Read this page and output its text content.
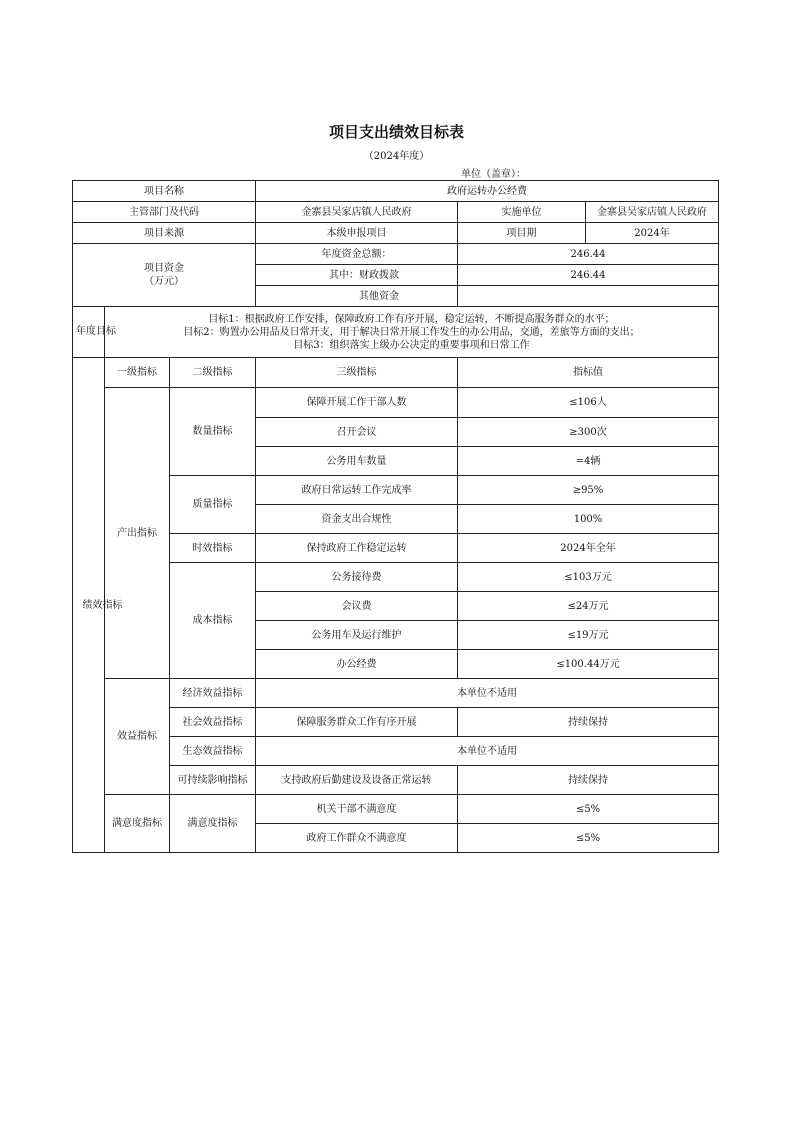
项目支出绩效目标表
（2024年度）
单位（盖章）：
项目名称			政府运转办公经费		
主管部门及代码			金寨县吴家店镇人民政府	实施单位	金寨县吴家店镇人民政府
项目来源			本级申报项目	项目期	2024年
项目资金
（万元）			年度资金总额：	246.44	
			其中：财政拨款	246.44	
			其他资金		
年度目标	目标1：根据政府工作安排，保障政府工作有序开展，稳定运转，不断提高服务群众的水平；
目标2：购置办公用品及日常开支，用于解决日常开展工作发生的办公用品，交通，差旅等方面的支出；
目标3：组织落实上级办公决定的重要事项和日常工作				

绩效指标	一级指标	二级指标	三级指标	指标值	
	产出指标	数量指标	保障开展工作干部人数	≤106人	
			召开会议	≥300次	
			公务用车数量	=4辆	
		质量指标	政府日常运转工作完成率	≥95%	
			资金支出合规性	100%	
		时效指标	保持政府工作稳定运转	2024年全年	
		成本指标	公务接待费	≤103万元	
			会议费	≤24万元	
			公务用车及运行维护	≤19万元	
			办公经费	≤100.44万元	
	效益指标	经济效益指标	本单位不适用		
		社会效益指标	保障服务群众工作有序开展	持续保持	
		生态效益指标	本单位不适用		
		可持续影响指标	支持政府后勤建设及设备正常运转	持续保持	
	满意度指标	满意度指标	机关干部不满意度	≤5%	
			政府工作群众不满意度	≤5%	
